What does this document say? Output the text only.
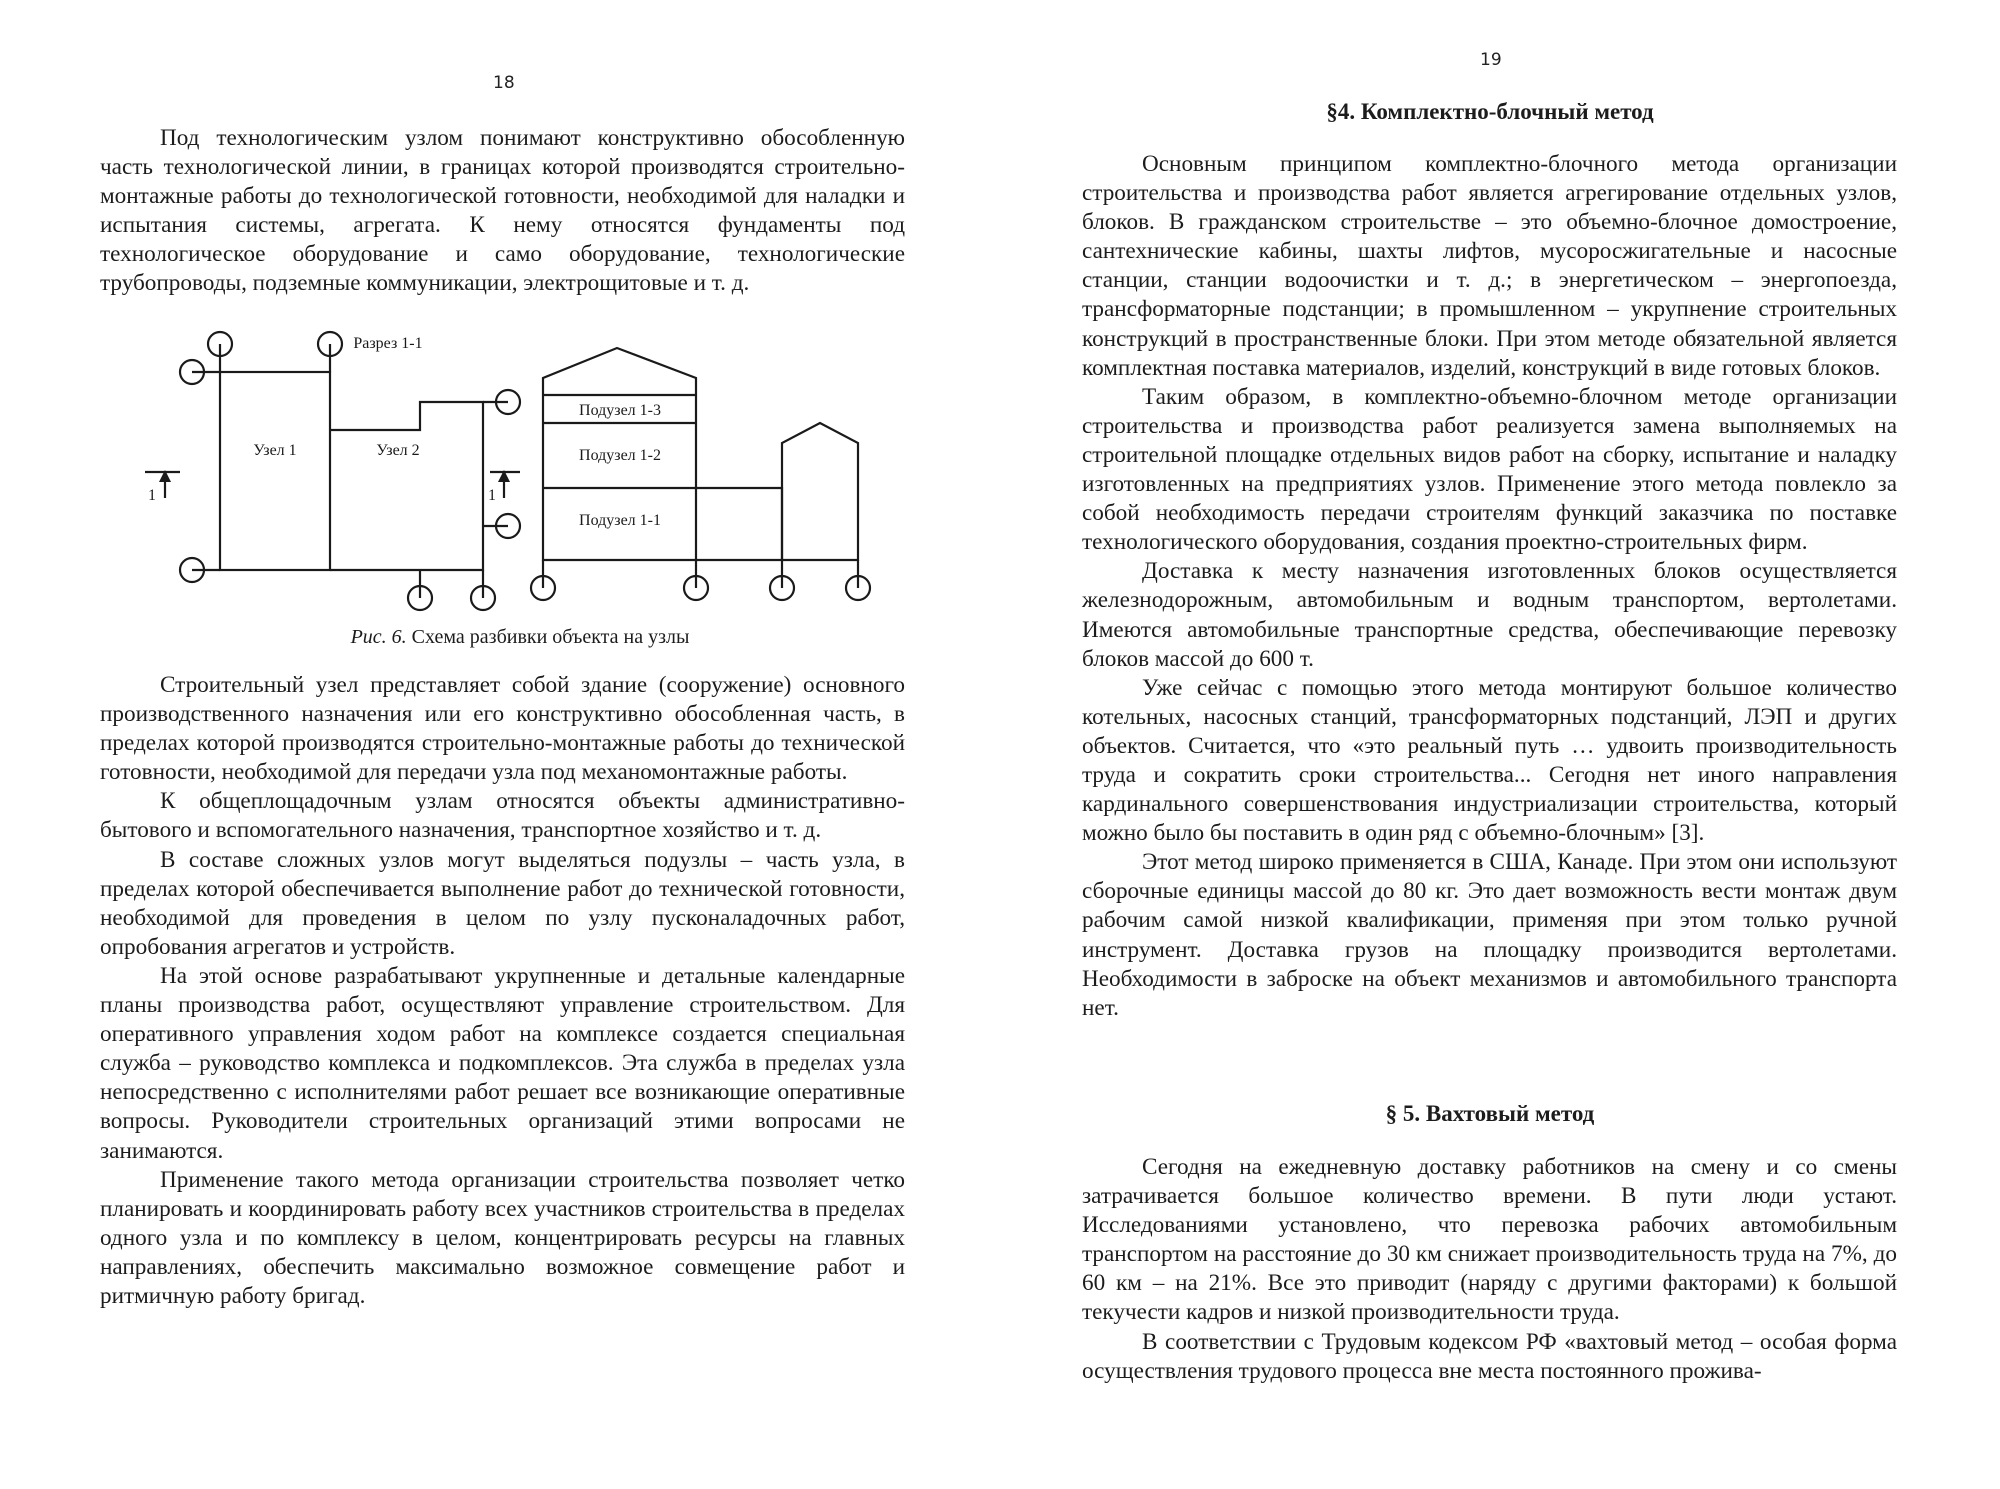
18

Под технологическим узлом понимают конструктивно обособленную часть технологической линии, в границах которой производятся строительно-монтажные работы до технологической готовности, необходимой для наладки и испытания системы, агрегата. К нему относятся фундаменты под технологическое оборудование и само оборудование, технологические трубопроводы, подземные коммуникации, электрощитовые и т. д.

Разрез 1-1
Узел 1	Узел 2
Подузел 1-3
Подузел 1-2
Подузел 1-1
1	1
Рис. 6. Схема разбивки объекта на узлы

Строительный узел представляет собой здание (сооружение) основного производственного назначения или его конструктивно обособленная часть, в пределах которой производятся строительно-монтажные работы до технической готовности, необходимой для передачи узла под механомонтажные работы.

К общеплощадочным узлам относятся объекты административно-бытового и вспомогательного назначения, транспортное хозяйство и т. д.

В составе сложных узлов могут выделяться подузлы – часть узла, в пределах которой обеспечивается выполнение работ до технической готовности, необходимой для проведения в целом по узлу пусконаладочных работ, опробования агрегатов и устройств.

На этой основе разрабатывают укрупненные и детальные календарные планы производства работ, осуществляют управление строительством. Для оперативного управления ходом работ на комплексе создается специальная служба – руководство комплекса и подкомплексов. Эта служба в пределах узла непосредственно с исполнителями работ решает все возникающие оперативные вопросы. Руководители строительных организаций этими вопросами не занимаются.

Применение такого метода организации строительства позволяет четко планировать и координировать работу всех участников строительства в пределах одного узла и по комплексу в целом, концентрировать ресурсы на главных направлениях, обеспечить максимально возможное совмещение работ и ритмичную работу бригад.

19
§4. Комплектно-блочный метод

Основным принципом комплектно-блочного метода организации строительства и производства работ является агрегирование отдельных узлов, блоков. В гражданском строительстве – это объемно-блочное домостроение, сантехнические кабины, шахты лифтов, мусоросжигательные и насосные станции, станции водоочистки и т. д.; в энергетическом – энергопоезда, трансформаторные подстанции; в промышленном – укрупнение строительных конструкций в пространственные блоки. При этом методе обязательной является комплектная поставка материалов, изделий, конструкций в виде готовых блоков.

Таким образом, в комплектно-объемно-блочном методе организации строительства и производства работ реализуется замена выполняемых на строительной площадке отдельных видов работ на сборку, испытание и наладку изготовленных на предприятиях узлов. Применение этого метода повлекло за собой необходимость передачи строителям функций заказчика по поставке технологического оборудования, создания проектно-строительных фирм.

Доставка к месту назначения изготовленных блоков осуществляется железнодорожным, автомобильным и водным транспортом, вертолетами. Имеются автомобильные транспортные средства, обеспечивающие перевозку блоков массой до 600 т.

Уже сейчас с помощью этого метода монтируют большое количество котельных, насосных станций, трансформаторных подстанций, ЛЭП и других объектов. Считается, что «это реальный путь … удвоить производительность труда и сократить сроки строительства... Сегодня нет иного направления кардинального совершенствования индустриализации строительства, который можно было бы поставить в один ряд с объемно-блочным» [3].

Этот метод широко применяется в США, Канаде. При этом они используют сборочные единицы массой до 80 кг. Это дает возможность вести монтаж двум рабочим самой низкой квалификации, применяя при этом только ручной инструмент. Доставка грузов на площадку производится вертолетами. Необходимости в заброске на объект механизмов и автомобильного транспорта нет.

§ 5. Вахтовый метод

Сегодня на ежедневную доставку работников на смену и со смены затрачивается большое количество времени. В пути люди устают. Исследованиями установлено, что перевозка рабочих автомобильным транспортом на расстояние до 30 км снижает производительность труда на 7%, до 60 км – на 21%. Все это приводит (наряду с другими факторами) к большой текучести кадров и низкой производительности труда.

В соответствии с Трудовым кодексом РФ «вахтовый метод – особая форма осуществления трудового процесса вне места постоянного прожива-
